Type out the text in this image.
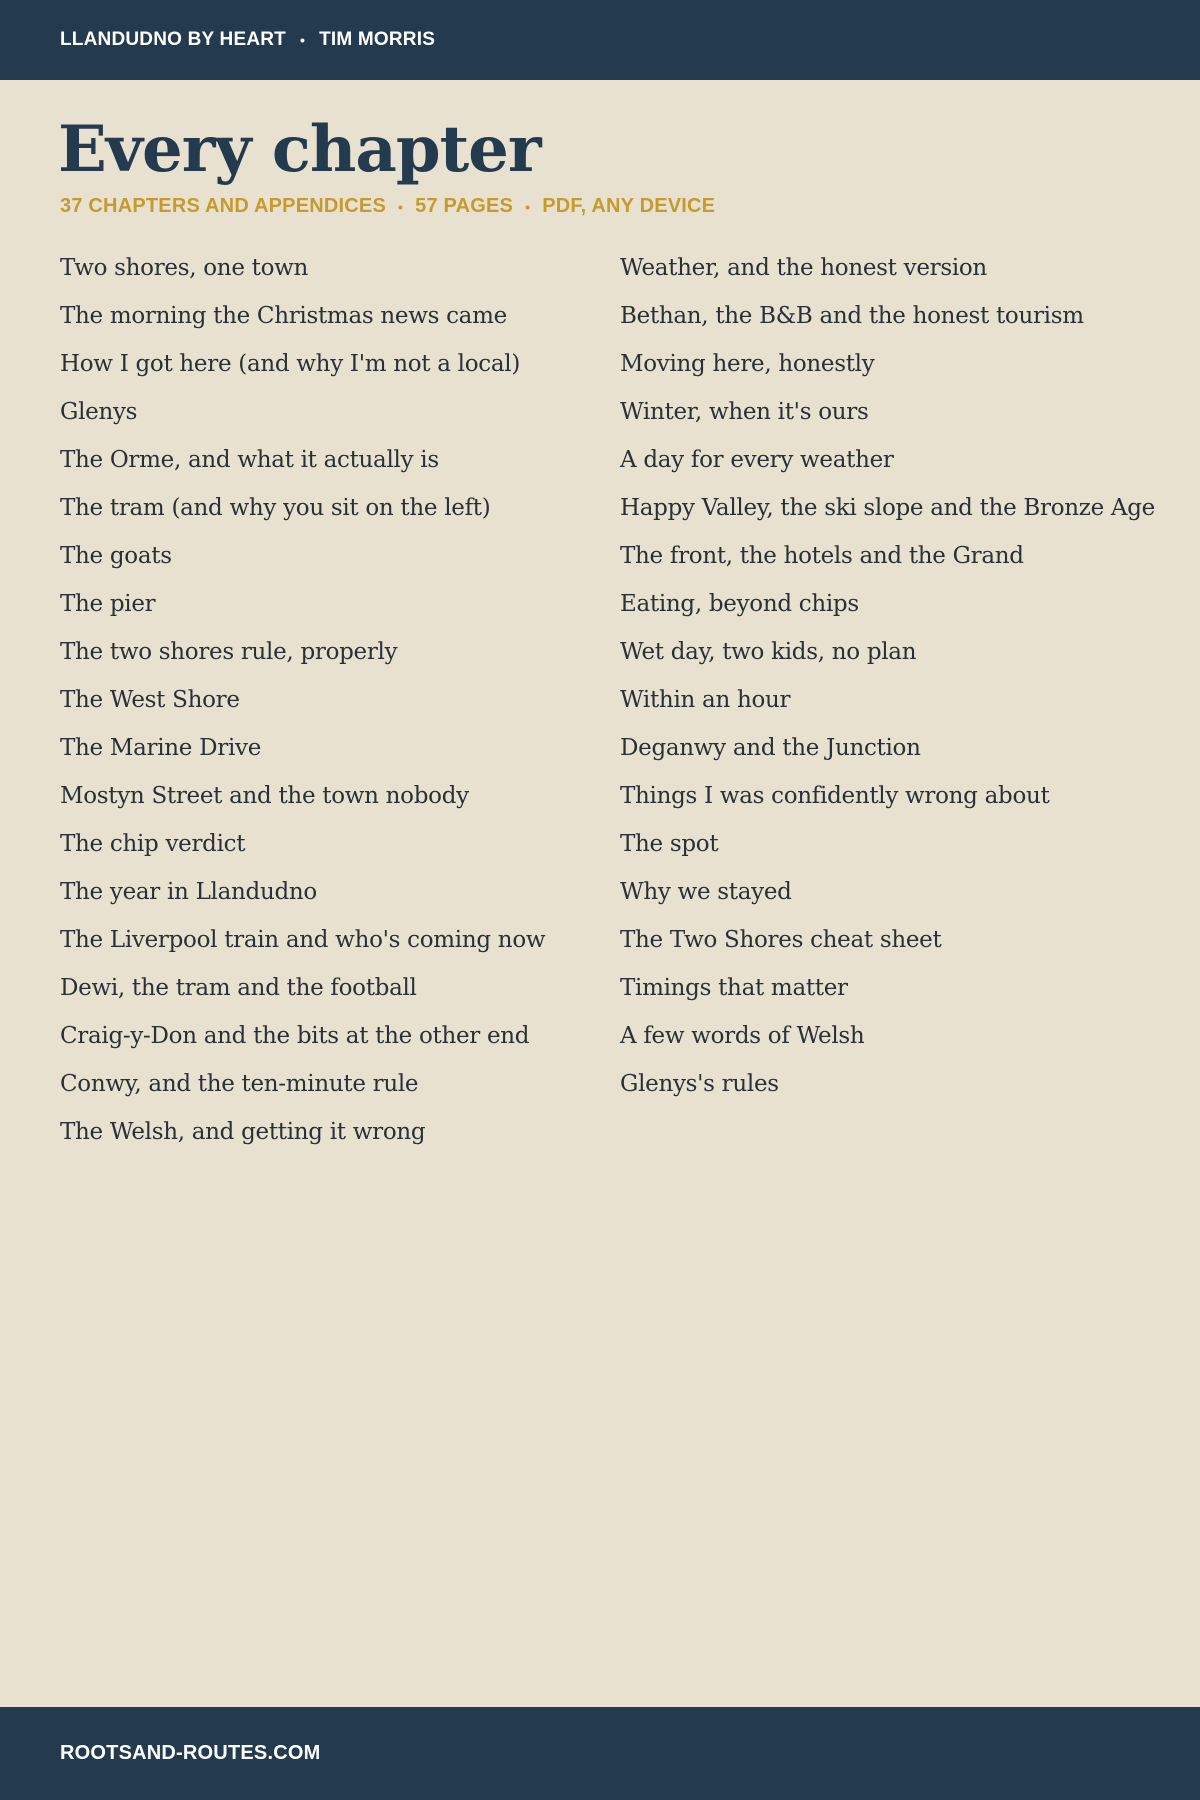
LLANDUDNO BY HEART • TIM MORRIS
Every chapter
37 CHAPTERS AND APPENDICES • 57 PAGES • PDF, ANY DEVICE
Two shores, one town
The morning the Christmas news came
How I got here (and why I'm not a local)
Glenys
The Orme, and what it actually is
The tram (and why you sit on the left)
The goats
The pier
The two shores rule, properly
The West Shore
The Marine Drive
Mostyn Street and the town nobody
The chip verdict
The year in Llandudno
The Liverpool train and who's coming now
Dewi, the tram and the football
Craig-y-Don and the bits at the other end
Conwy, and the ten-minute rule
The Welsh, and getting it wrong
Weather, and the honest version
Bethan, the B&B and the honest tourism
Moving here, honestly
Winter, when it's ours
A day for every weather
Happy Valley, the ski slope and the Bronze Age
The front, the hotels and the Grand
Eating, beyond chips
Wet day, two kids, no plan
Within an hour
Deganwy and the Junction
Things I was confidently wrong about
The spot
Why we stayed
The Two Shores cheat sheet
Timings that matter
A few words of Welsh
Glenys's rules
ROOTSAND-ROUTES.COM
